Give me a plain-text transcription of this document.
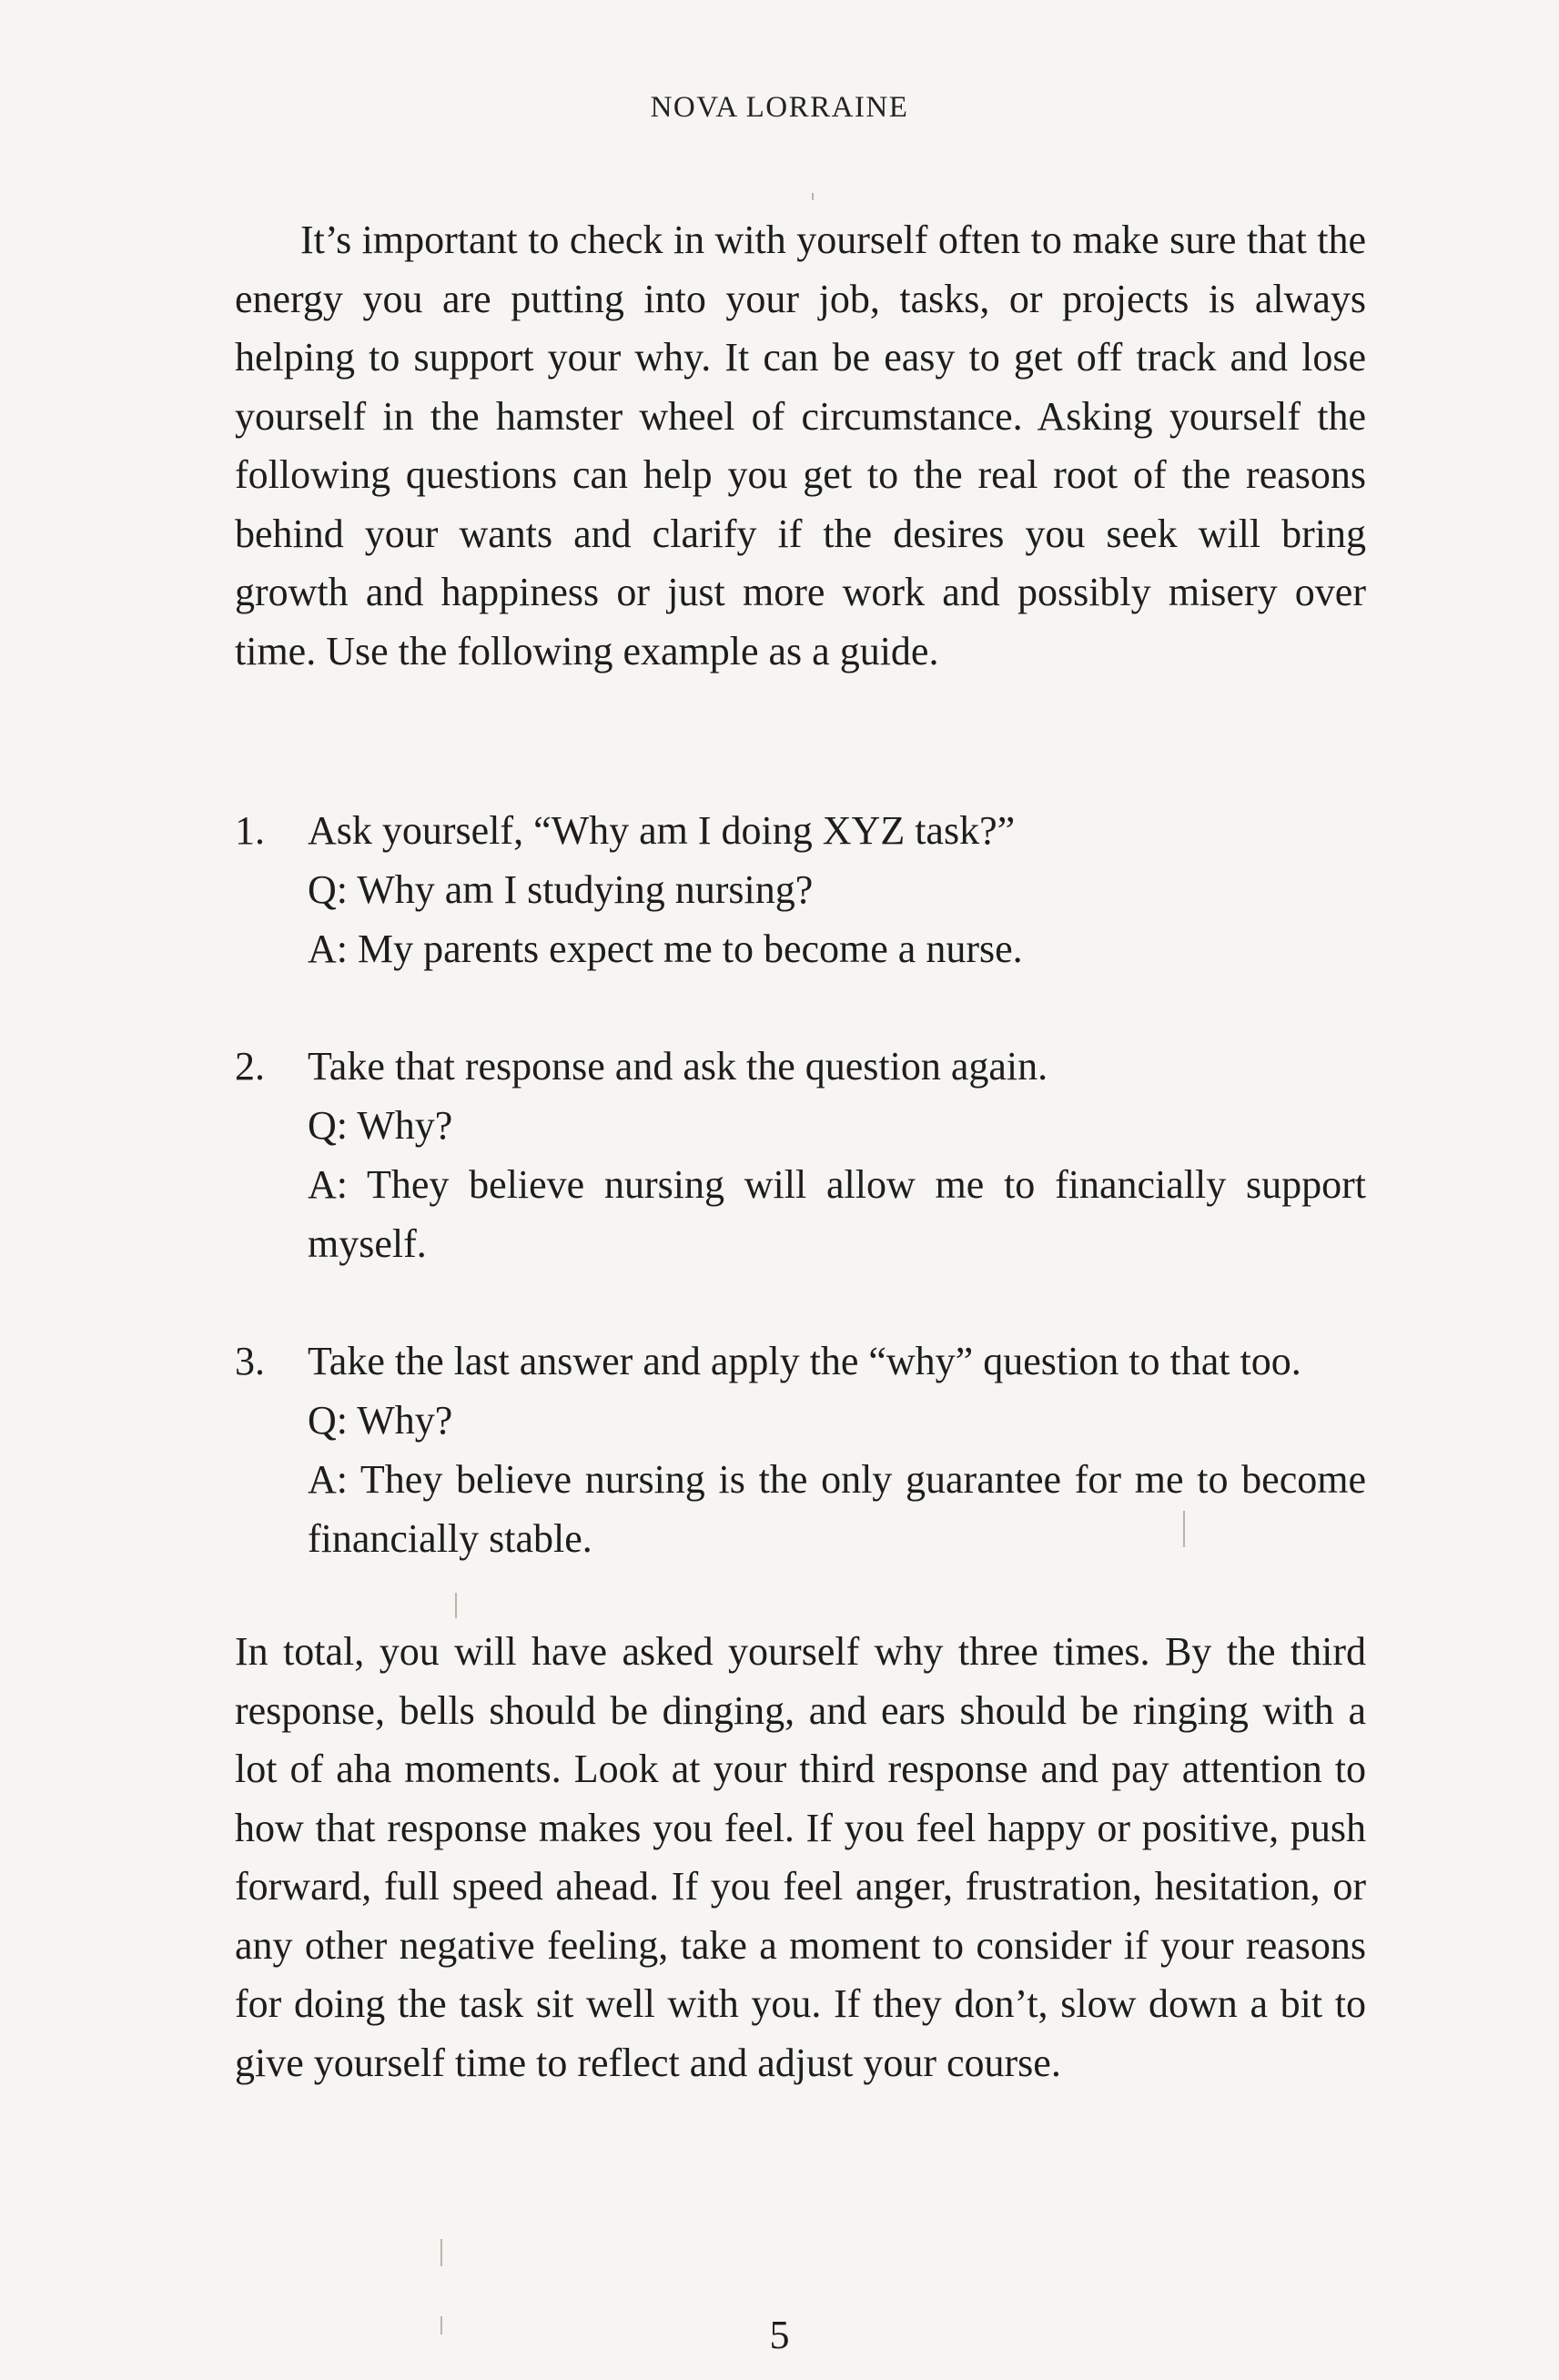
NOVA LORRAINE

It’s important to check in with yourself often to make sure that the energy you are putting into your job, tasks, or projects is always helping to support your why. It can be easy to get off track and lose yourself in the hamster wheel of circumstance. Asking yourself the following questions can help you get to the real root of the reasons behind your wants and clarify if the desires you seek will bring growth and happiness or just more work and possibly misery over time. Use the following example as a guide.

1. Ask yourself, “Why am I doing XYZ task?”
Q: Why am I studying nursing?
A: My parents expect me to become a nurse.
2. Take that response and ask the question again.
Q: Why?
A: They believe nursing will allow me to financially support myself.
3. Take the last answer and apply the “why” question to that too.
Q: Why?
A: They believe nursing is the only guarantee for me to become financially stable.

In total, you will have asked yourself why three times. By the third response, bells should be dinging, and ears should be ringing with a lot of aha moments. Look at your third response and pay attention to how that response makes you feel. If you feel happy or positive, push forward, full speed ahead. If you feel anger, frustration, hesitation, or any other negative feeling, take a moment to consider if your reasons for doing the task sit well with you. If they don’t, slow down a bit to give yourself time to reflect and adjust your course.

5
